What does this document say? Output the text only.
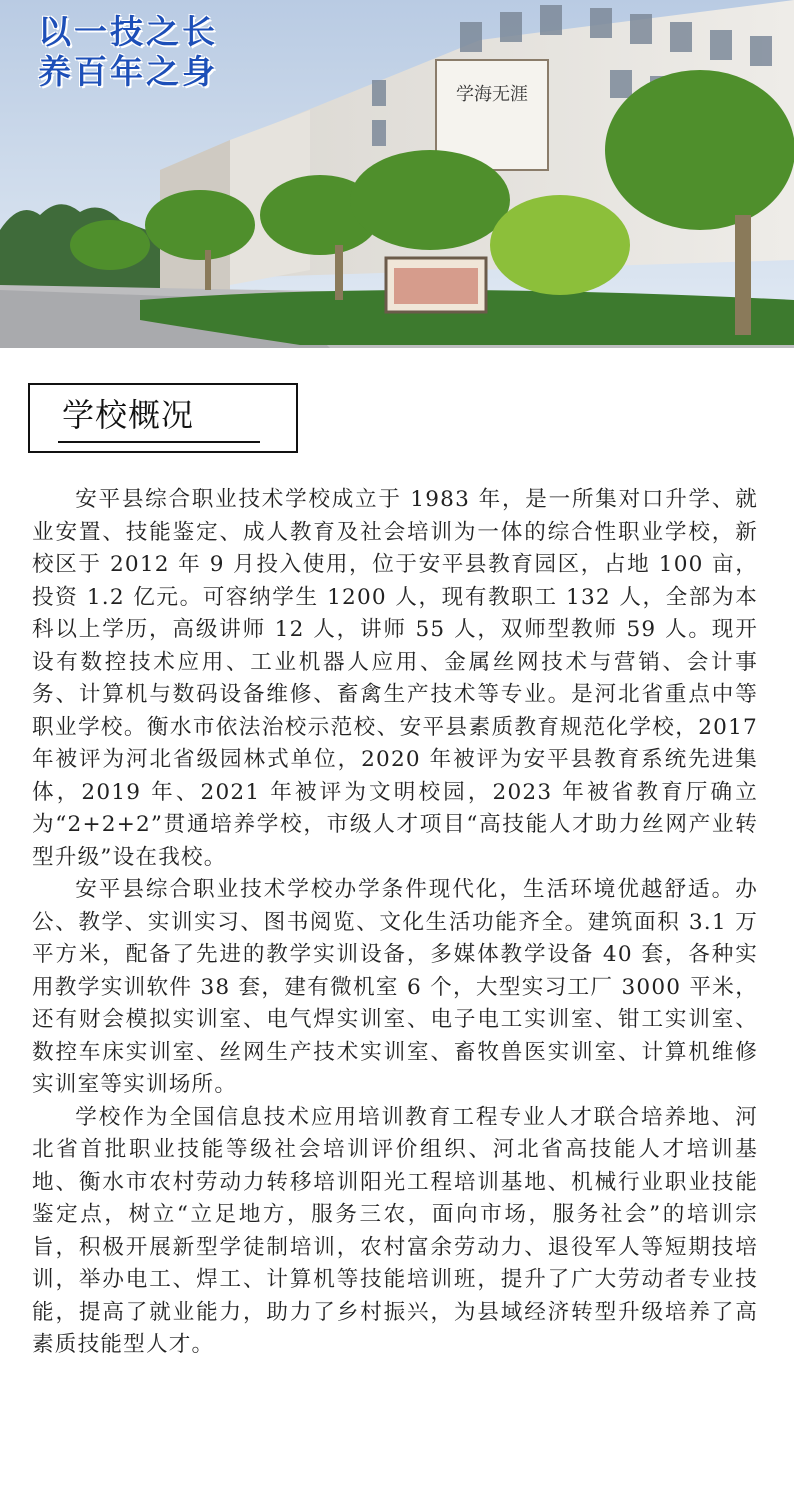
学海无涯
以一技之长
养百年之身
学校概况

安平县综合职业技术学校成立于 1983 年，是一所集对口升学、就业安置、技能鉴定、成人教育及社会培训为一体的综合性职业学校，新校区于 2012 年 9 月投入使用，位于安平县教育园区，占地 100 亩，投资 1.2 亿元。可容纳学生 1200 人，现有教职工 132 人，全部为本科以上学历，高级讲师 12 人，讲师 55 人，双师型教师 59 人。现开设有数控技术应用、工业机器人应用、金属丝网技术与营销、会计事务、计算机与数码设备维修、畜禽生产技术等专业。是河北省重点中等职业学校。衡水市依法治校示范校、安平县素质教育规范化学校，2017 年被评为河北省级园林式单位，2020 年被评为安平县教育系统先进集体，2019 年、2021 年被评为文明校园，2023 年被省教育厅确立为“2+2+2”贯通培养学校，市级人才项目“高技能人才助力丝网产业转型升级”设在我校。

安平县综合职业技术学校办学条件现代化，生活环境优越舒适。办公、教学、实训实习、图书阅览、文化生活功能齐全。建筑面积 3.1 万平方米，配备了先进的教学实训设备，多媒体教学设备 40 套，各种实用教学实训软件 38 套，建有微机室 6 个，大型实习工厂 3000 平米，还有财会模拟实训室、电气焊实训室、电子电工实训室、钳工实训室、数控车床实训室、丝网生产技术实训室、畜牧兽医实训室、计算机维修实训室等实训场所。

学校作为全国信息技术应用培训教育工程专业人才联合培养地、河北省首批职业技能等级社会培训评价组织、河北省高技能人才培训基地、衡水市农村劳动力转移培训阳光工程培训基地、机械行业职业技能鉴定点，树立“立足地方，服务三农，面向市场，服务社会”的培训宗旨，积极开展新型学徒制培训，农村富余劳动力、退役军人等短期技培训，举办电工、焊工、计算机等技能培训班，提升了广大劳动者专业技能，提高了就业能力，助力了乡村振兴，为县域经济转型升级培养了高素质技能型人才。
